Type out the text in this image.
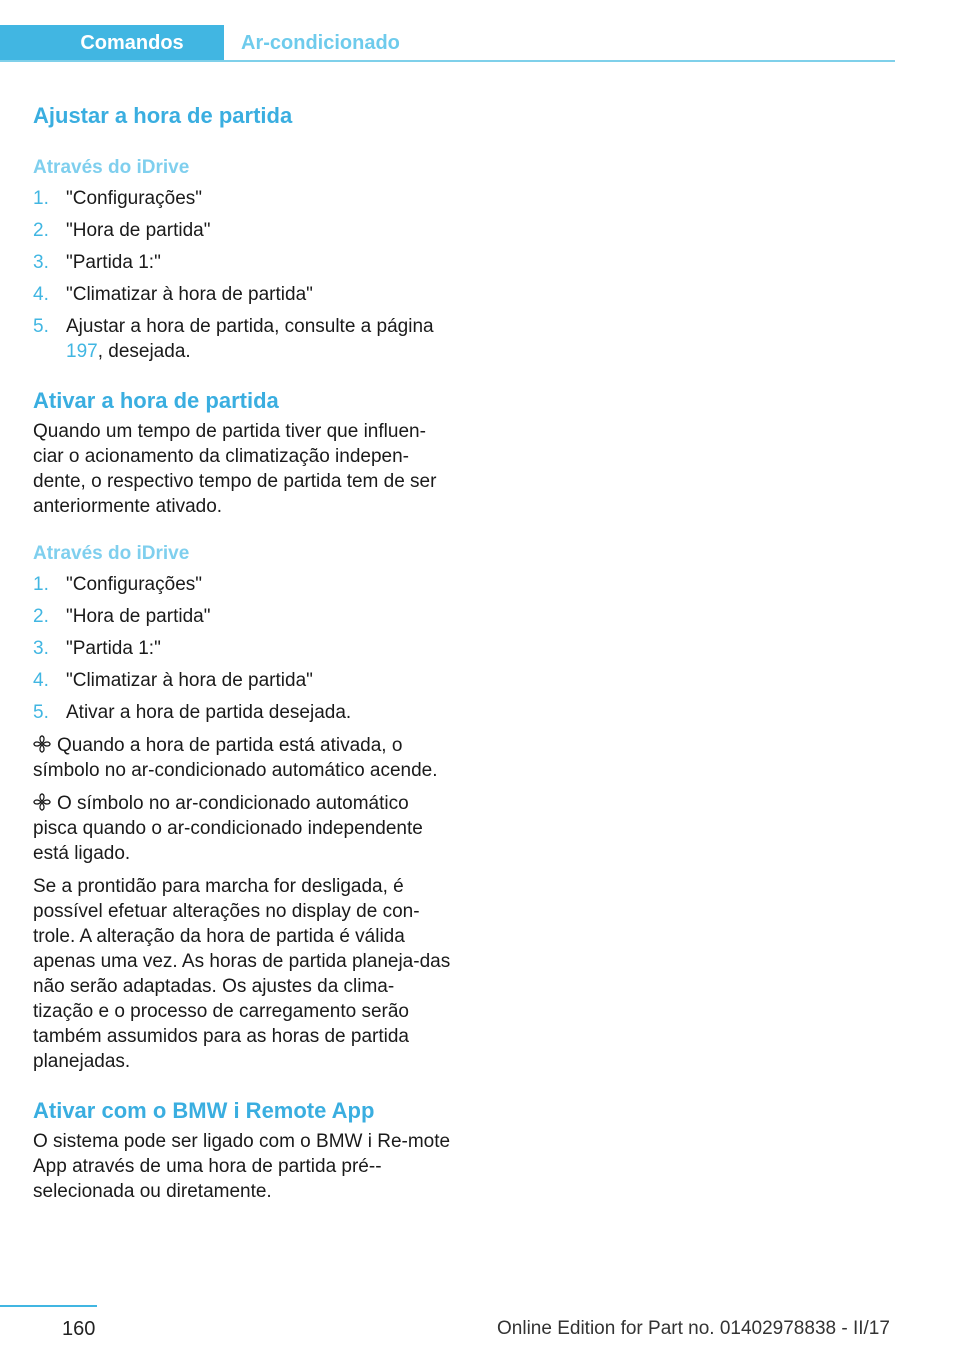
Comandos	Ar-condicionado
Ajustar a hora de partida
Através do iDrive
1. "Configurações"
2. "Hora de partida"
3. "Partida 1:"
4. "Climatizar à hora de partida"
5. Ajustar a hora de partida, consulte a página 197, desejada.
Ativar a hora de partida
Quando um tempo de partida tiver que influen-ciar o acionamento da climatização indepen-dente, o respectivo tempo de partida tem de ser anteriormente ativado.
Através do iDrive
1. "Configurações"
2. "Hora de partida"
3. "Partida 1:"
4. "Climatizar à hora de partida"
5. Ativar a hora de partida desejada.
Quando a hora de partida está ativada, o símbolo no ar-condicionado automático acende.
O símbolo no ar-condicionado automático pisca quando o ar-condicionado independente está ligado.
Se a prontidão para marcha for desligada, é possível efetuar alterações no display de con-trole. A alteração da hora de partida é válida apenas uma vez. As horas de partida planeja-das não serão adaptadas. Os ajustes da clima-tização e o processo de carregamento serão também assumidos para as horas de partida planejadas.
Ativar com o BMW i Remote App
O sistema pode ser ligado com o BMW i Re-mote App através de uma hora de partida pré--selecionada ou diretamente.
160	Online Edition for Part no. 01402978838 - II/17
